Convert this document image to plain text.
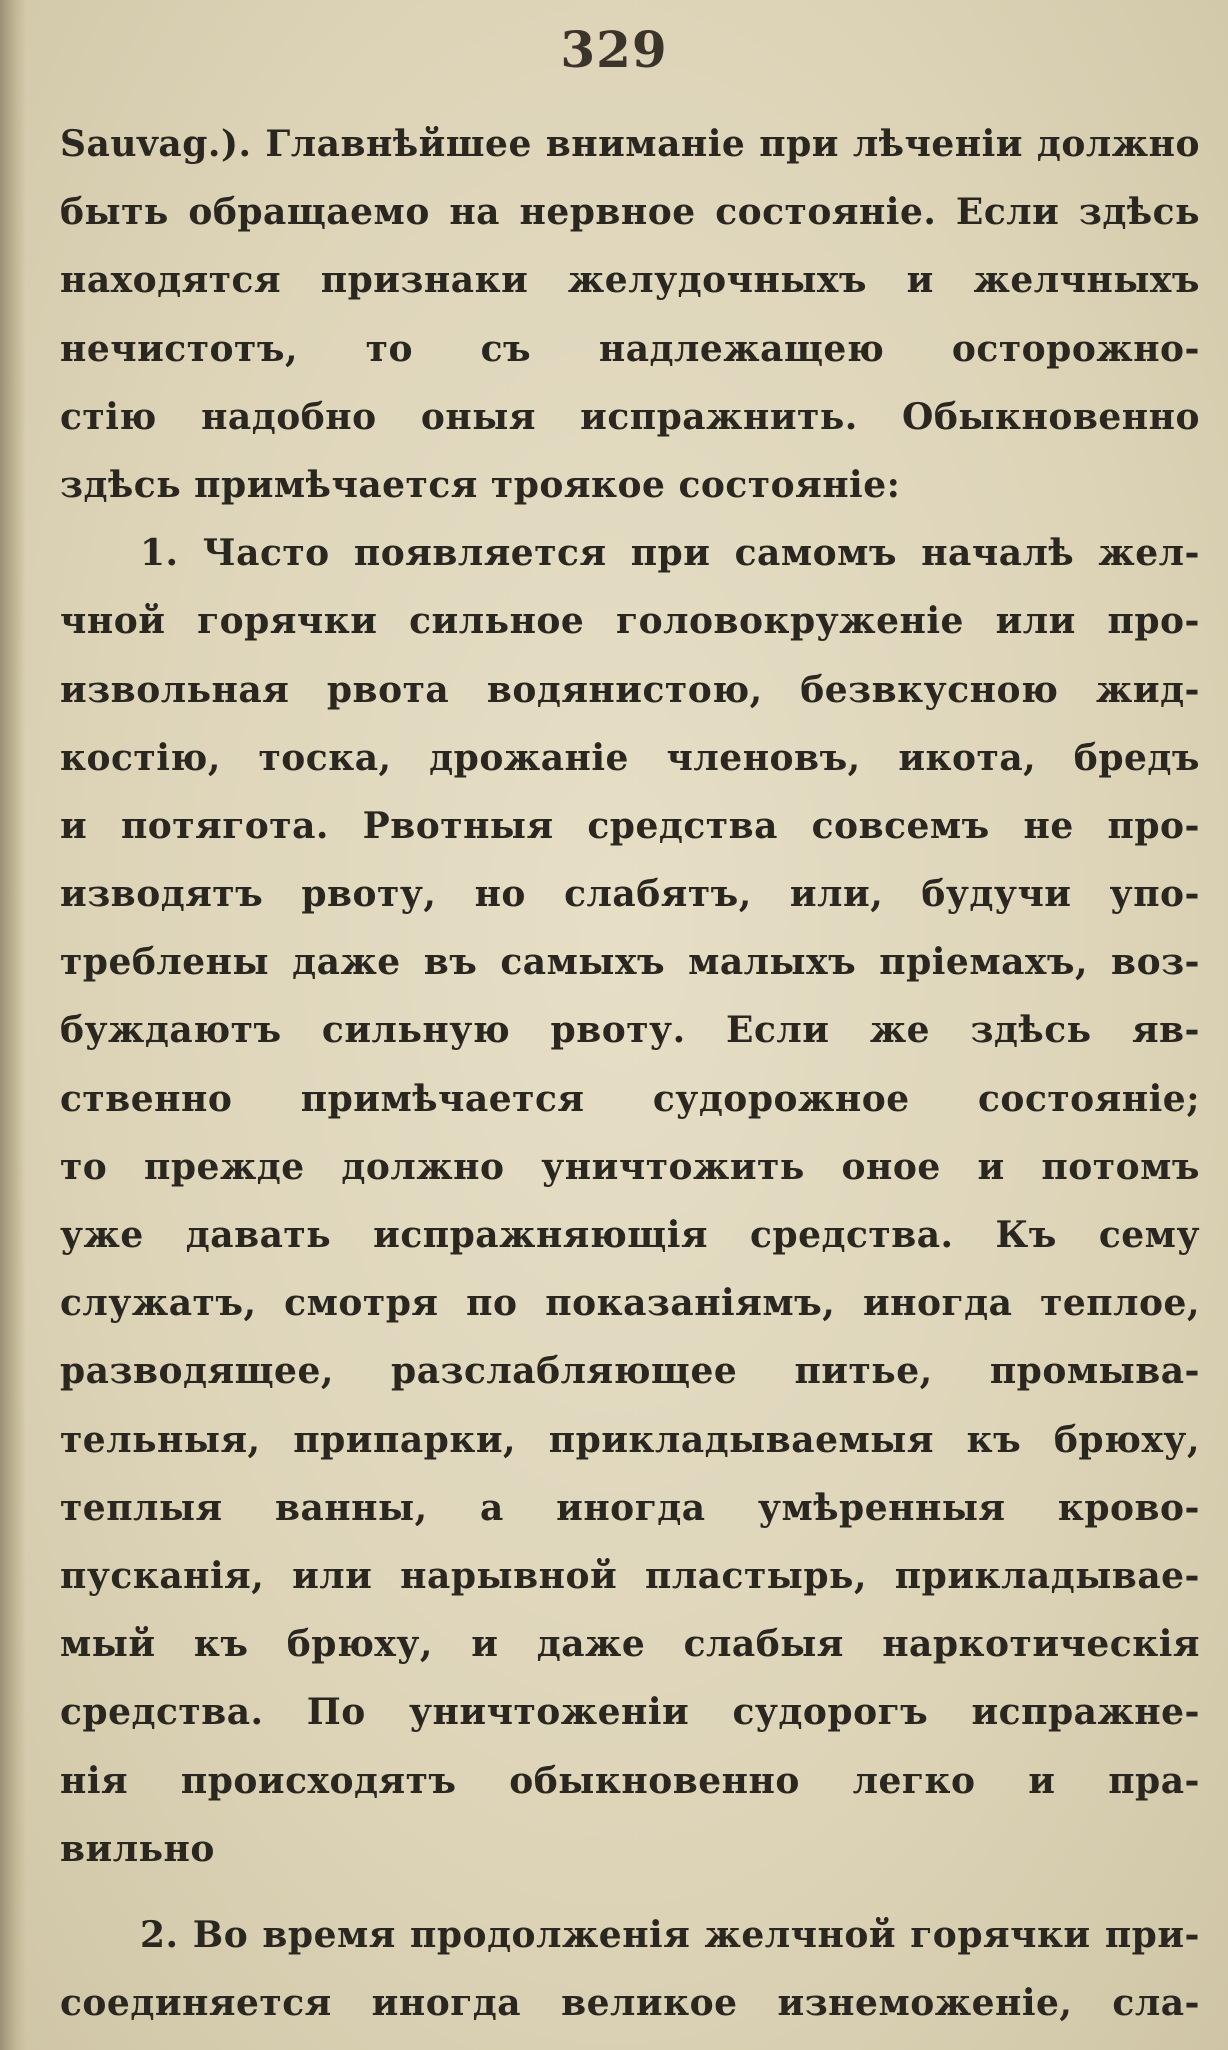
329
Sauvag.). Главнѣйшее вниманіе при лѣченіи должно
быть обращаемо на нервное состояніе. Если здѣсь
находятся признаки желудочныхъ и желчныхъ
нечистотъ, то съ надлежащею осторожно-
стію надобно оныя испражнить. Обыкновенно
здѣсь примѣчается троякое состояніе:
1. Часто появляется при самомъ началѣ жел-
чной горячки сильное головокруженіе или про-
извольная рвота водянистою, безвкусною жид-
костію, тоска, дрожаніе членовъ, икота, бредъ
и потягота. Рвотныя средства совсемъ не про-
изводятъ рвоту, но слабятъ, или, будучи упо-
треблены даже въ самыхъ малыхъ пріемахъ, воз-
буждаютъ сильную рвоту. Если же здѣсь яв-
ственно примѣчается судорожное состояніе;
то прежде должно уничтожить оное и потомъ
уже давать испражняющія средства. Къ сему
служатъ, смотря по показаніямъ, иногда теплое,
разводящее, разслабляющее питье, промыва-
тельныя, припарки, прикладываемыя къ брюху,
теплыя ванны, а иногда умѣренныя крово-
пусканія, или нарывной пластырь, прикладывае-
мый къ брюху, и даже слабыя наркотическія
средства. По уничтоженіи судорогъ испражне-
нія происходятъ обыкновенно легко и пра-
вильно
2. Во время продолженія желчной горячки при-
соединяется иногда великое изнеможеніе, сла-
